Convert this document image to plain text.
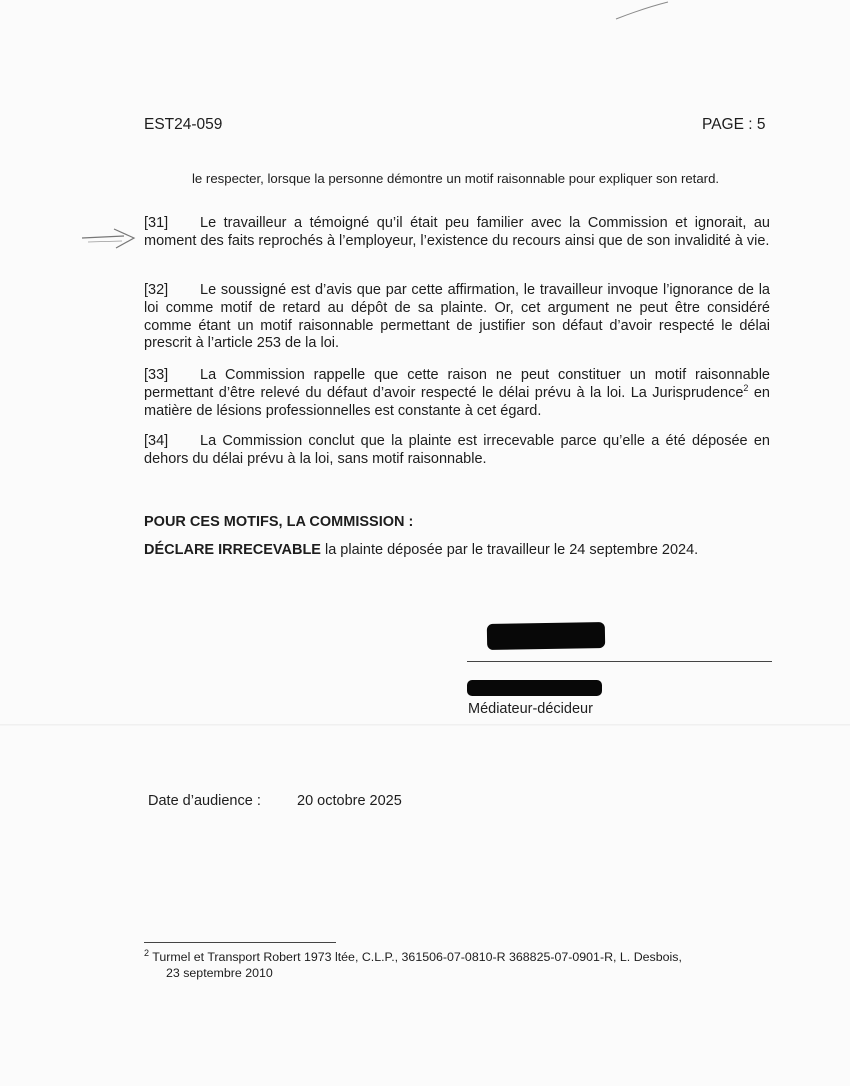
EST24-059	PAGE : 5
le respecter, lorsque la personne démontre un motif raisonnable pour expliquer son retard.
[31] Le travailleur a témoigné qu’il était peu familier avec la Commission et ignorait, au moment des faits reprochés à l’employeur, l’existence du recours ainsi que de son invalidité à vie.
[32] Le soussigné est d’avis que par cette affirmation, le travailleur invoque l’ignorance de la loi comme motif de retard au dépôt de sa plainte. Or, cet argument ne peut être considéré comme étant un motif raisonnable permettant de justifier son défaut d’avoir respecté le délai prescrit à l’article 253 de la loi.
[33] La Commission rappelle que cette raison ne peut constituer un motif raisonnable permettant d’être relevé du défaut d’avoir respecté le délai prévu à la loi. La Jurisprudence$^2$ en matière de lésions professionnelles est constante à cet égard.
[34] La Commission conclut que la plainte est irrecevable parce qu’elle a été déposée en dehors du délai prévu à la loi, sans motif raisonnable.
POUR CES MOTIFS, LA COMMISSION :
DÉCLARE IRRECEVABLE la plainte déposée par le travailleur le 24 septembre 2024.
Médiateur-décideur
Date d’audience : 20 octobre 2025
$^2$ Turmel et Transport Robert 1973 ltée, C.L.P., 361506-07-0810-R 368825-07-0901-R, L. Desbois,
23 septembre 2010
